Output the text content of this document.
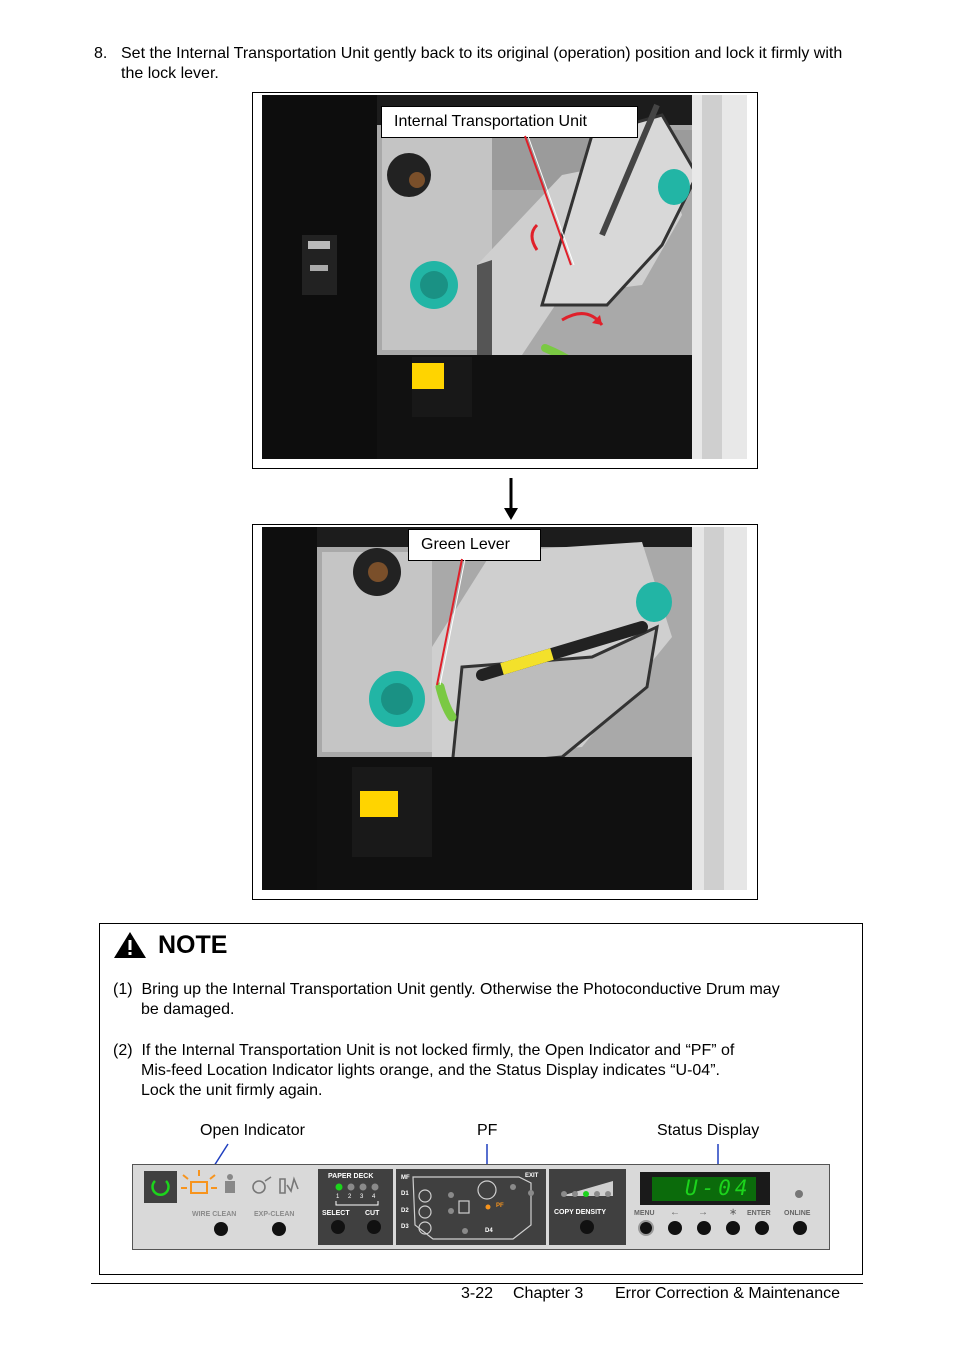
8. Set the Internal Transportation Unit gently back to its original (operation) position and lock it firmly with the lock lever.
Internal Transportation Unit
Green Lever
NOTE
(1) Bring up the Internal Transportation Unit gently. Otherwise the Photoconductive Drum may
be damaged.
(2) If the Internal Transportation Unit is not locked firmly, the Open Indicator and “PF” of
Mis-feed Location Indicator lights orange, and the Status Display indicates “U-04”.
Lock the unit firmly again.
Open Indicator	PF	Status Display
WIRE CLEAN	EXP-CLEAN
PAPER DECK
1 2 3 4
SELECT CUT
MF
D1
D2
D3
D4
EXIT
PF
COPY DENSITY
U-04
MENU ← → ∗ ENTER ONLINE
3-22 Chapter 3 Error Correction & Maintenance
